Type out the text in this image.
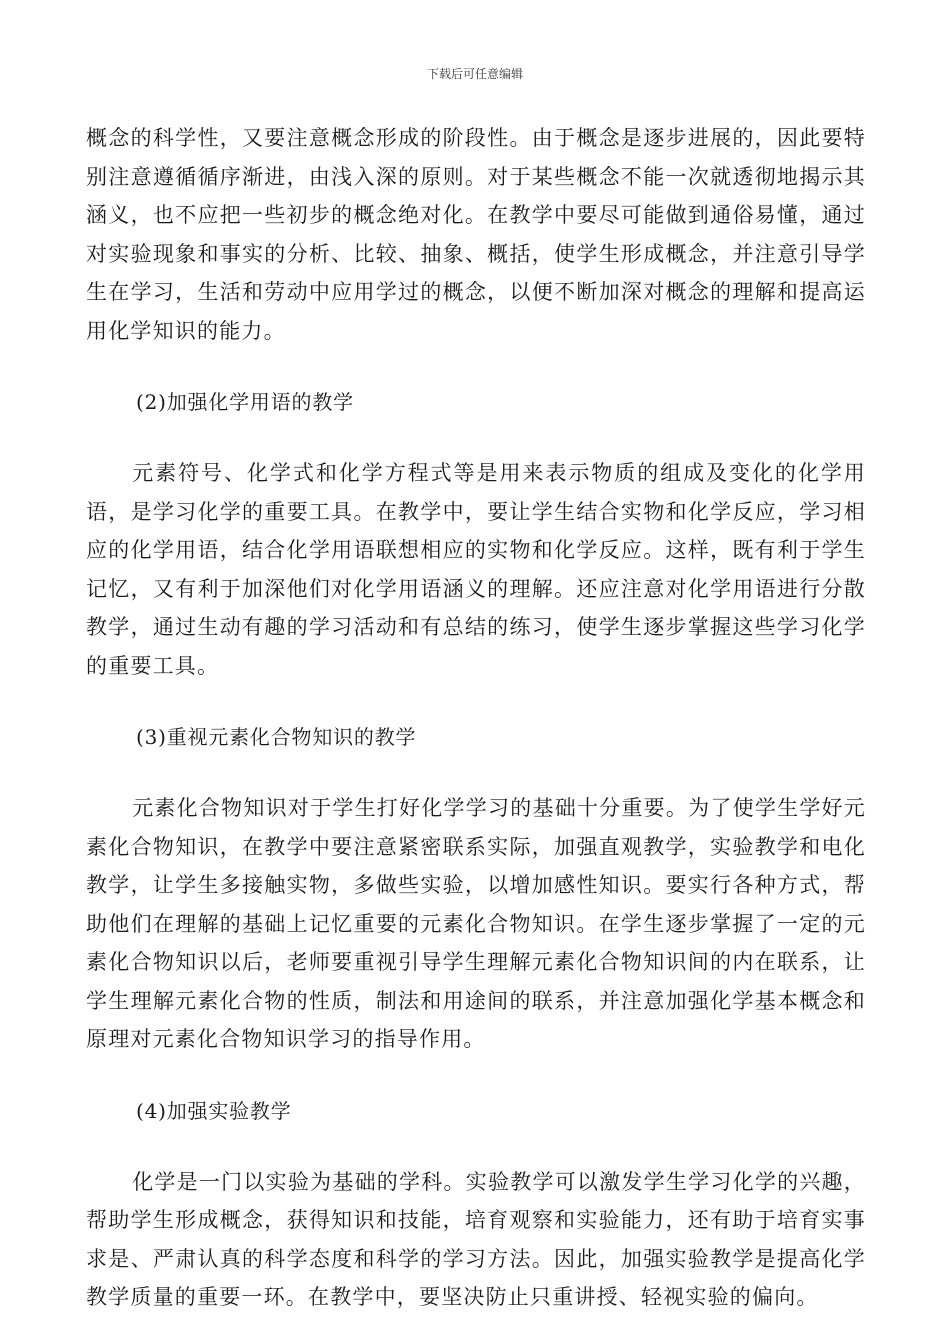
下载后可任意编辑

概念的科学性，又要注意概念形成的阶段性。由于概念是逐步进展的，因此要特别注意遵循循序渐进，由浅入深的原则。对于某些概念不能一次就透彻地揭示其涵义，也不应把一些初步的概念绝对化。在教学中要尽可能做到通俗易懂，通过对实验现象和事实的分析、比较、抽象、概括，使学生形成概念，并注意引导学生在学习，生活和劳动中应用学过的概念，以便不断加深对概念的理解和提高运用化学知识的能力。

(2)加强化学用语的教学

元素符号、化学式和化学方程式等是用来表示物质的组成及变化的化学用语，是学习化学的重要工具。在教学中，要让学生结合实物和化学反应，学习相应的化学用语，结合化学用语联想相应的实物和化学反应。这样，既有利于学生记忆，又有利于加深他们对化学用语涵义的理解。还应注意对化学用语进行分散教学，通过生动有趣的学习活动和有总结的练习，使学生逐步掌握这些学习化学的重要工具。

(3)重视元素化合物知识的教学

元素化合物知识对于学生打好化学学习的基础十分重要。为了使学生学好元素化合物知识，在教学中要注意紧密联系实际，加强直观教学，实验教学和电化教学，让学生多接触实物，多做些实验，以增加感性知识。要实行各种方式，帮助他们在理解的基础上记忆重要的元素化合物知识。在学生逐步掌握了一定的元素化合物知识以后，老师要重视引导学生理解元素化合物知识间的内在联系，让学生理解元素化合物的性质，制法和用途间的联系，并注意加强化学基本概念和原理对元素化合物知识学习的指导作用。

(4)加强实验教学

化学是一门以实验为基础的学科。实验教学可以激发学生学习化学的兴趣，帮助学生形成概念，获得知识和技能，培育观察和实验能力，还有助于培育实事求是、严肃认真的科学态度和科学的学习方法。因此，加强实验教学是提高化学教学质量的重要一环。在教学中，要坚决防止只重讲授、轻视实验的偏向。
